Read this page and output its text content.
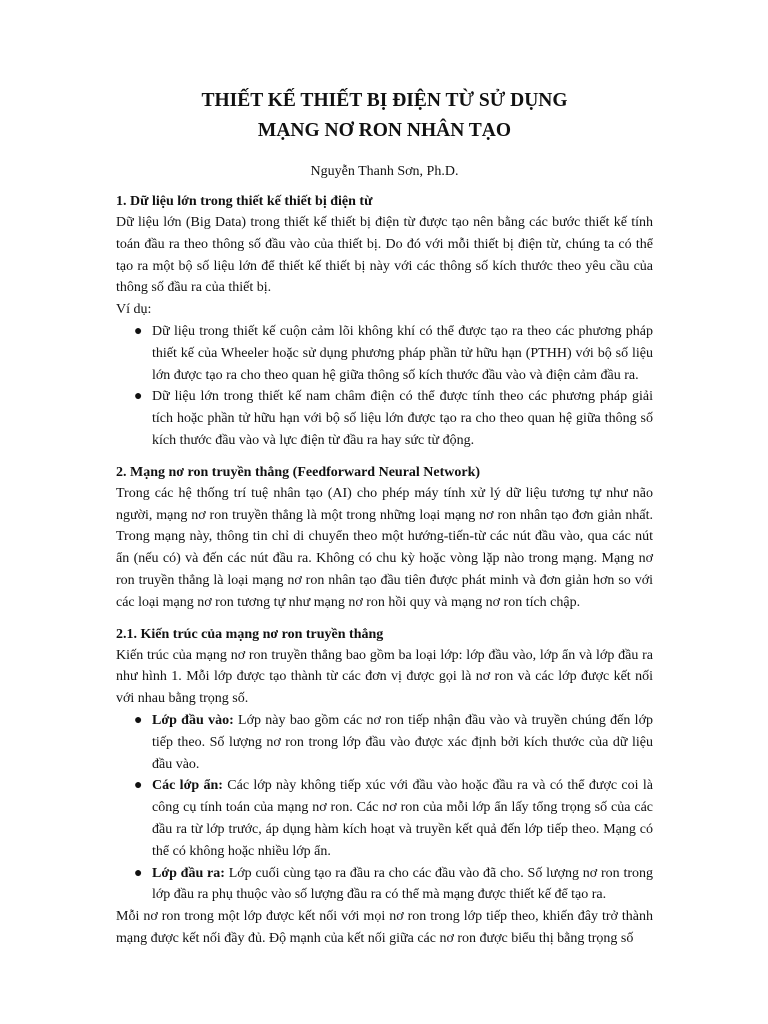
THIẾT KẾ THIẾT BỊ ĐIỆN TỪ SỬ DỤNG
MẠNG NƠ RON NHÂN TẠO

Nguyễn Thanh Sơn, Ph.D.

1. Dữ liệu lớn trong thiết kế thiết bị điện từ

Dữ liệu lớn (Big Data) trong thiết kế thiết bị điện từ được tạo nên bằng các bước thiết kế tính toán đầu ra theo thông số đầu vào của thiết bị. Do đó với mỗi thiết bị điện từ, chúng ta có thể tạo ra một bộ số liệu lớn để thiết kế thiết bị này với các thông số kích thước theo yêu cầu của thông số đầu ra của thiết bị.

Ví dụ:

● Dữ liệu trong thiết kế cuộn cảm lõi không khí có thể được tạo ra theo các phương pháp thiết kế của Wheeler hoặc sử dụng phương pháp phần tử hữu hạn (PTHH) với bộ số liệu lớn được tạo ra cho theo quan hệ giữa thông số kích thước đầu vào và điện cảm đầu ra.
● Dữ liệu lớn trong thiết kế nam châm điện có thể được tính theo các phương pháp giải tích hoặc phần tử hữu hạn với bộ số liệu lớn được tạo ra cho theo quan hệ giữa thông số kích thước đầu vào và lực điện từ đầu ra hay sức từ động.

2. Mạng nơ ron truyền thẳng (Feedforward Neural Network)

Trong các hệ thống trí tuệ nhân tạo (AI) cho phép máy tính xử lý dữ liệu tương tự như não người, mạng nơ ron truyền thẳng là một trong những loại mạng nơ ron nhân tạo đơn giản nhất. Trong mạng này, thông tin chỉ di chuyển theo một hướng-tiến-từ các nút đầu vào, qua các nút ẩn (nếu có) và đến các nút đầu ra. Không có chu kỳ hoặc vòng lặp nào trong mạng. Mạng nơ ron truyền thẳng là loại mạng nơ ron nhân tạo đầu tiên được phát minh và đơn giản hơn so với các loại mạng nơ ron tương tự như mạng nơ ron hồi quy và mạng nơ ron tích chập.

2.1. Kiến trúc của mạng nơ ron truyền thẳng

Kiến trúc của mạng nơ ron truyền thẳng bao gồm ba loại lớp: lớp đầu vào, lớp ẩn và lớp đầu ra như hình 1. Mỗi lớp được tạo thành từ các đơn vị được gọi là nơ ron và các lớp được kết nối với nhau bằng trọng số.

● Lớp đầu vào: Lớp này bao gồm các nơ ron tiếp nhận đầu vào và truyền chúng đến lớp tiếp theo. Số lượng nơ ron trong lớp đầu vào được xác định bởi kích thước của dữ liệu đầu vào.
● Các lớp ẩn: Các lớp này không tiếp xúc với đầu vào hoặc đầu ra và có thể được coi là công cụ tính toán của mạng nơ ron. Các nơ ron của mỗi lớp ẩn lấy tổng trọng số của các đầu ra từ lớp trước, áp dụng hàm kích hoạt và truyền kết quả đến lớp tiếp theo. Mạng có thể có không hoặc nhiều lớp ẩn.
● Lớp đầu ra: Lớp cuối cùng tạo ra đầu ra cho các đầu vào đã cho. Số lượng nơ ron trong lớp đầu ra phụ thuộc vào số lượng đầu ra có thể mà mạng được thiết kế để tạo ra.

Mỗi nơ ron trong một lớp được kết nối với mọi nơ ron trong lớp tiếp theo, khiến đây trở thành mạng được kết nối đầy đủ. Độ mạnh của kết nối giữa các nơ ron được biểu thị bằng trọng số
